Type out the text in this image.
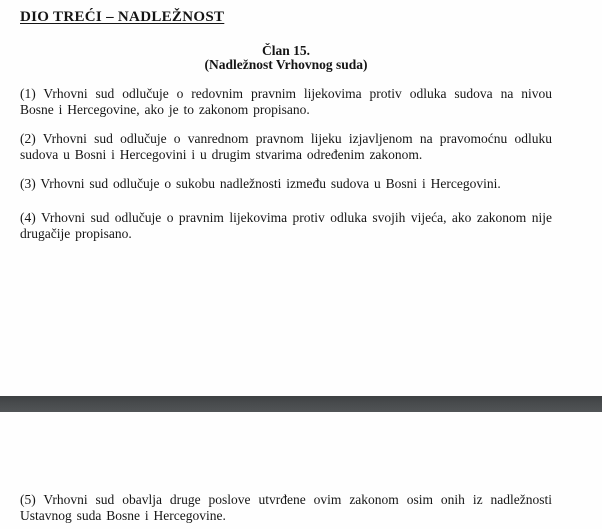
DIO TREĆI – NADLEŽNOST
Član 15.
(Nadležnost Vrhovnog suda)

(1) Vrhovni sud odlučuje o redovnim pravnim lijekovima protiv odluka sudova na nivou Bosne i Hercegovine, ako je to zakonom propisano.

(2) Vrhovni sud odlučuje o vanrednom pravnom lijeku izjavljenom na pravomoćnu odluku sudova u Bosni i Hercegovini i u drugim stvarima određenim zakonom.

(3) Vrhovni sud odlučuje o sukobu nadležnosti između sudova u Bosni i Hercegovini.

(4) Vrhovni sud odlučuje o pravnim lijekovima protiv odluka svojih vijeća, ako zakonom nije drugačije propisano.

(5) Vrhovni sud obavlja druge poslove utvrđene ovim zakonom osim onih iz nadležnosti Ustavnog suda Bosne i Hercegovine.
